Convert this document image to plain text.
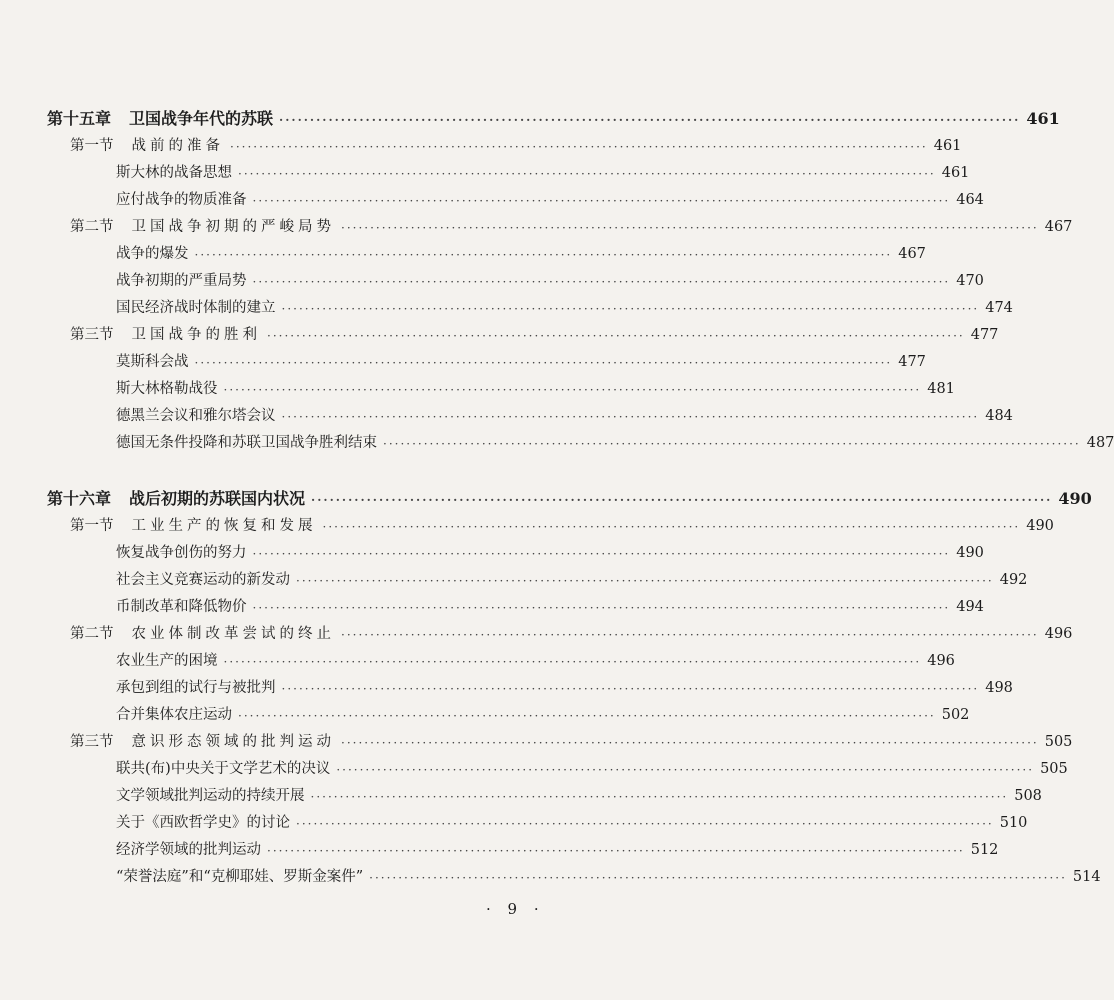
第十五章 卫国战争年代的苏联 ························································································································ 461
第一节 战前的准备 ························································································································ 461
斯大林的战备思想 ························································································································ 461
应付战争的物质准备 ························································································································ 464
第二节 卫国战争初期的严峻局势 ························································································································ 467
战争的爆发 ························································································································ 467
战争初期的严重局势 ························································································································ 470
国民经济战时体制的建立 ························································································································ 474
第三节 卫国战争的胜利 ························································································································ 477
莫斯科会战 ························································································································ 477
斯大林格勒战役 ························································································································ 481
德黑兰会议和雅尔塔会议 ························································································································ 484
德国无条件投降和苏联卫国战争胜利结束 ························································································································ 487
第十六章 战后初期的苏联国内状况 ························································································································ 490
第一节 工业生产的恢复和发展 ························································································································ 490
恢复战争创伤的努力 ························································································································ 490
社会主义竞赛运动的新发动 ························································································································ 492
币制改革和降低物价 ························································································································ 494
第二节 农业体制改革尝试的终止 ························································································································ 496
农业生产的困境 ························································································································ 496
承包到组的试行与被批判 ························································································································ 498
合并集体农庄运动 ························································································································ 502
第三节 意识形态领域的批判运动 ························································································································ 505
联共(布)中央关于文学艺术的决议 ························································································································ 505
文学领域批判运动的持续开展 ························································································································ 508
关于《西欧哲学史》的讨论 ························································································································ 510
经济学领域的批判运动 ························································································································ 512
“荣誉法庭”和“克柳耶娃、罗斯金案件” ························································································································ 514
· 9 ·
